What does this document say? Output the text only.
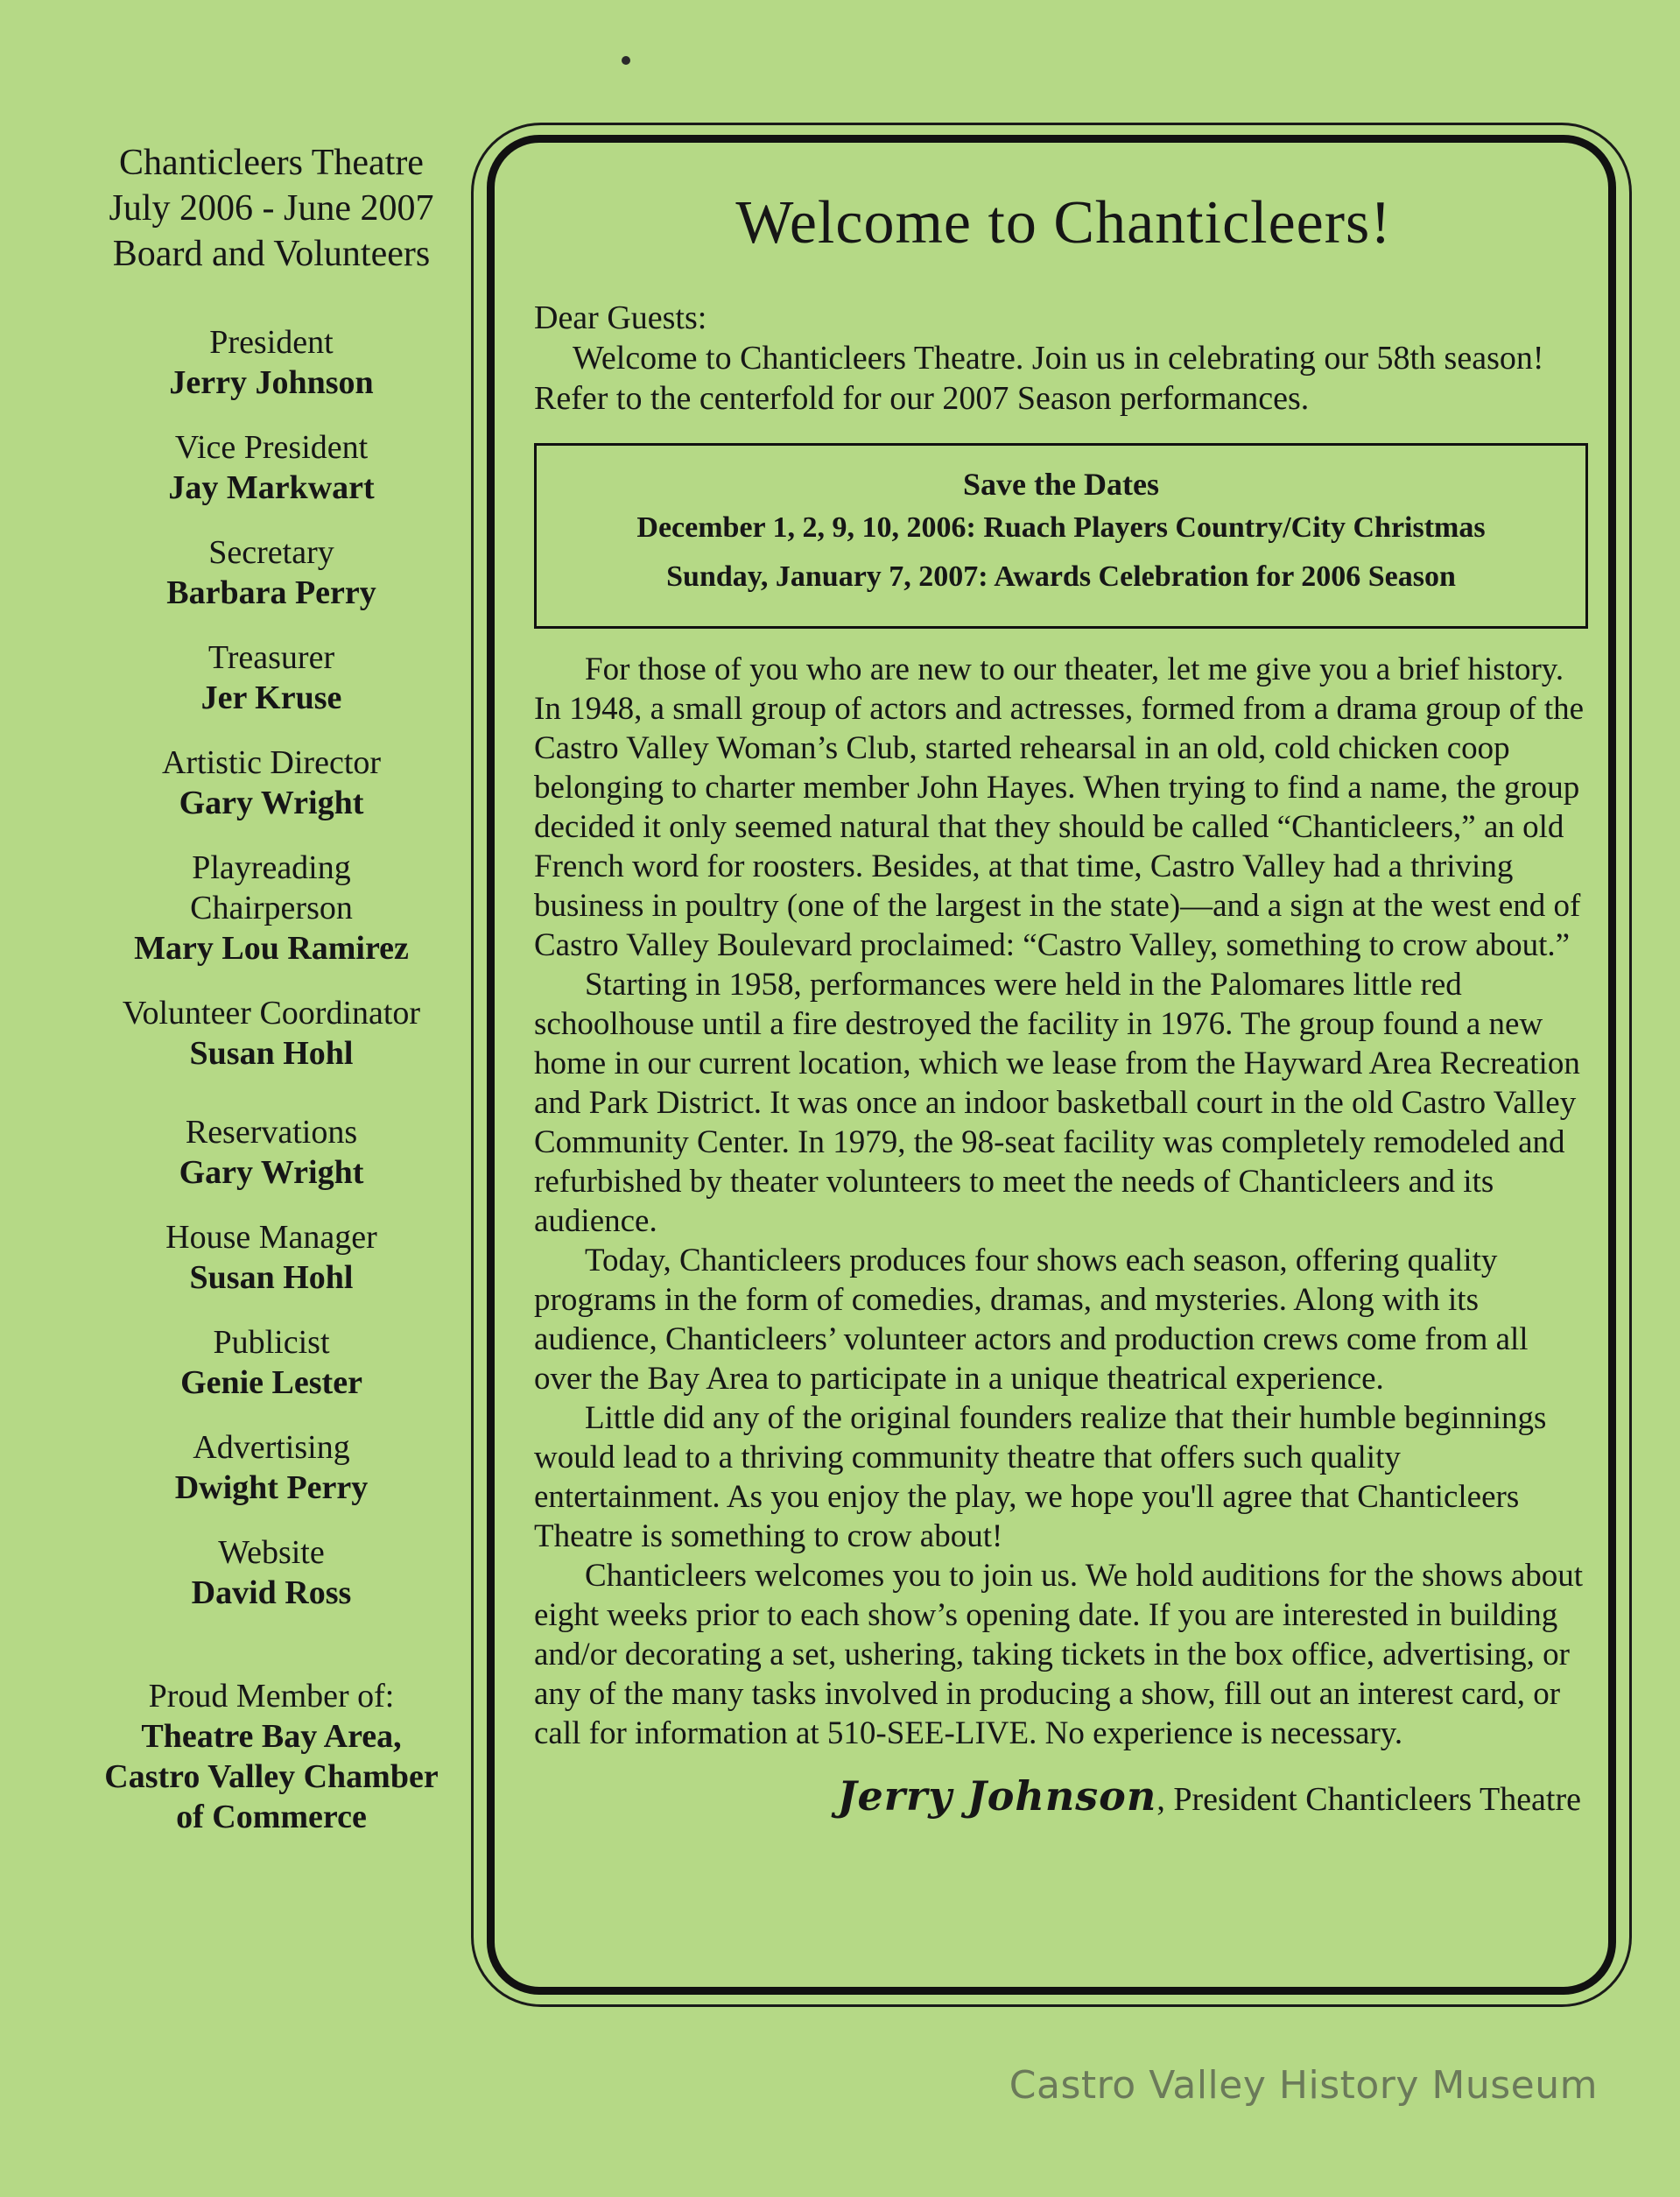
Chanticleers Theatre
July 2006 - June 2007
Board and Volunteers
President
Jerry Johnson
Vice President
Jay Markwart
Secretary
Barbara Perry
Treasurer
Jer Kruse
Artistic Director
Gary Wright
Playreading Chairperson
Mary Lou Ramirez
Volunteer Coordinator
Susan Hohl
Reservations
Gary Wright
House Manager
Susan Hohl
Publicist
Genie Lester
Advertising
Dwight Perry
Website
David Ross
Proud Member of:
Theatre Bay Area,
Castro Valley Chamber
of Commerce
Welcome to Chanticleers!
Dear Guests:

Welcome to Chanticleers Theatre. Join us in celebrating our 58th season! Refer to the centerfold for our 2007 Season performances.

Save the Dates
December 1, 2, 9, 10, 2006: Ruach Players Country/City Christmas
Sunday, January 7, 2007: Awards Celebration for 2006 Season

For those of you who are new to our theater, let me give you a brief history. In 1948, a small group of actors and actresses, formed from a drama group of the Castro Valley Woman’s Club, started rehearsal in an old, cold chicken coop belonging to charter member John Hayes. When trying to find a name, the group decided it only seemed natural that they should be called “Chanticleers,” an old French word for roosters. Besides, at that time, Castro Valley had a thriving business in poultry (one of the largest in the state)—and a sign at the west end of Castro Valley Boulevard proclaimed: “Castro Valley, something to crow about.”

Starting in 1958, performances were held in the Palomares little red schoolhouse until a fire destroyed the facility in 1976. The group found a new home in our current location, which we lease from the Hayward Area Recreation and Park District. It was once an indoor basketball court in the old Castro Valley Community Center. In 1979, the 98-seat facility was completely remodeled and refurbished by theater volunteers to meet the needs of Chanticleers and its audience.

Today, Chanticleers produces four shows each season, offering quality programs in the form of comedies, dramas, and mysteries. Along with its audience, Chanticleers’ volunteer actors and production crews come from all over the Bay Area to participate in a unique theatrical experience.

Little did any of the original founders realize that their humble beginnings would lead to a thriving community theatre that offers such quality entertainment. As you enjoy the play, we hope you'll agree that Chanticleers Theatre is something to crow about!

Chanticleers welcomes you to join us. We hold auditions for the shows about eight weeks prior to each show’s opening date. If you are interested in building and/or decorating a set, ushering, taking tickets in the box office, advertising, or any of the many tasks involved in producing a show, fill out an interest card, or call for information at 510-SEE-LIVE. No experience is necessary.

Jerry Johnson, President Chanticleers Theatre
Castro Valley History Museum
